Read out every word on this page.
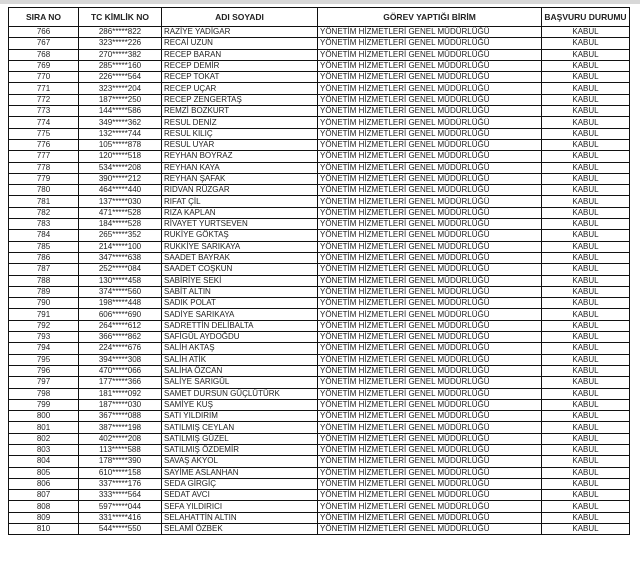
SIRA NO	TC KİMLİK NO	ADI SOYADI	GÖREV YAPTIĞI BİRİM	BAŞVURU DURUMU
766	286*****822	RAZİYE YADİGAR	YÖNETİM HİZMETLERİ GENEL MÜDÜRLÜĞÜ	KABUL
767	323*****226	RECAİ UZUN	YÖNETİM HİZMETLERİ GENEL MÜDÜRLÜĞÜ	KABUL
768	270*****382	RECEP BARAN	YÖNETİM HİZMETLERİ GENEL MÜDÜRLÜĞÜ	KABUL
769	285*****160	RECEP DEMİR	YÖNETİM HİZMETLERİ GENEL MÜDÜRLÜĞÜ	KABUL
770	226*****564	RECEP TOKAT	YÖNETİM HİZMETLERİ GENEL MÜDÜRLÜĞÜ	KABUL
771	323*****204	RECEP UÇAR	YÖNETİM HİZMETLERİ GENEL MÜDÜRLÜĞÜ	KABUL
772	187*****250	RECEP ZENGERTAŞ	YÖNETİM HİZMETLERİ GENEL MÜDÜRLÜĞÜ	KABUL
773	144*****586	REMZİ BOZKURT	YÖNETİM HİZMETLERİ GENEL MÜDÜRLÜĞÜ	KABUL
774	349*****362	RESUL DENİZ	YÖNETİM HİZMETLERİ GENEL MÜDÜRLÜĞÜ	KABUL
775	132*****744	RESUL KILIÇ	YÖNETİM HİZMETLERİ GENEL MÜDÜRLÜĞÜ	KABUL
776	105*****878	RESUL UYAR	YÖNETİM HİZMETLERİ GENEL MÜDÜRLÜĞÜ	KABUL
777	120*****518	REYHAN BOYRAZ	YÖNETİM HİZMETLERİ GENEL MÜDÜRLÜĞÜ	KABUL
778	534*****208	REYHAN KAYA	YÖNETİM HİZMETLERİ GENEL MÜDÜRLÜĞÜ	KABUL
779	390*****212	REYHAN ŞAFAK	YÖNETİM HİZMETLERİ GENEL MÜDÜRLÜĞÜ	KABUL
780	464*****440	RIDVAN RÜZGAR	YÖNETİM HİZMETLERİ GENEL MÜDÜRLÜĞÜ	KABUL
781	137*****030	RIFAT ÇİL	YÖNETİM HİZMETLERİ GENEL MÜDÜRLÜĞÜ	KABUL
782	471*****528	RIZA KAPLAN	YÖNETİM HİZMETLERİ GENEL MÜDÜRLÜĞÜ	KABUL
783	184*****528	RİVAYET YURTSEVEN	YÖNETİM HİZMETLERİ GENEL MÜDÜRLÜĞÜ	KABUL
784	265*****352	RUKİYE GÖKTAŞ	YÖNETİM HİZMETLERİ GENEL MÜDÜRLÜĞÜ	KABUL
785	214*****100	RUKKİYE SARIKAYA	YÖNETİM HİZMETLERİ GENEL MÜDÜRLÜĞÜ	KABUL
786	347*****638	SAADET BAYRAK	YÖNETİM HİZMETLERİ GENEL MÜDÜRLÜĞÜ	KABUL
787	252*****084	SAADET COŞKUN	YÖNETİM HİZMETLERİ GENEL MÜDÜRLÜĞÜ	KABUL
788	130*****458	SABİRİYE SEKİ	YÖNETİM HİZMETLERİ GENEL MÜDÜRLÜĞÜ	KABUL
789	374*****560	SABİT ALTIN	YÖNETİM HİZMETLERİ GENEL MÜDÜRLÜĞÜ	KABUL
790	198*****448	SADIK POLAT	YÖNETİM HİZMETLERİ GENEL MÜDÜRLÜĞÜ	KABUL
791	606*****690	SADİYE SARIKAYA	YÖNETİM HİZMETLERİ GENEL MÜDÜRLÜĞÜ	KABUL
792	264*****612	SADRETTİN DELİBALTA	YÖNETİM HİZMETLERİ GENEL MÜDÜRLÜĞÜ	KABUL
793	366*****862	SAFİGÜL AYDOĞDU	YÖNETİM HİZMETLERİ GENEL MÜDÜRLÜĞÜ	KABUL
794	224*****676	SALİH AKTAŞ	YÖNETİM HİZMETLERİ GENEL MÜDÜRLÜĞÜ	KABUL
795	394*****308	SALİH ATİK	YÖNETİM HİZMETLERİ GENEL MÜDÜRLÜĞÜ	KABUL
796	470*****066	SALİHA ÖZCAN	YÖNETİM HİZMETLERİ GENEL MÜDÜRLÜĞÜ	KABUL
797	177*****366	SALİYE SARIGÜL	YÖNETİM HİZMETLERİ GENEL MÜDÜRLÜĞÜ	KABUL
798	181*****092	SAMET DURSUN GÜÇLÜTÜRK	YÖNETİM HİZMETLERİ GENEL MÜDÜRLÜĞÜ	KABUL
799	187*****030	SAMİYE KUŞ	YÖNETİM HİZMETLERİ GENEL MÜDÜRLÜĞÜ	KABUL
800	367*****088	SATI YILDIRIM	YÖNETİM HİZMETLERİ GENEL MÜDÜRLÜĞÜ	KABUL
801	387*****198	SATILMIŞ CEYLAN	YÖNETİM HİZMETLERİ GENEL MÜDÜRLÜĞÜ	KABUL
802	402*****208	SATILMIŞ GÜZEL	YÖNETİM HİZMETLERİ GENEL MÜDÜRLÜĞÜ	KABUL
803	113*****588	SATILMIŞ ÖZDEMİR	YÖNETİM HİZMETLERİ GENEL MÜDÜRLÜĞÜ	KABUL
804	178*****390	SAVAŞ AKYOL	YÖNETİM HİZMETLERİ GENEL MÜDÜRLÜĞÜ	KABUL
805	610*****158	SAYİME ASLANHAN	YÖNETİM HİZMETLERİ GENEL MÜDÜRLÜĞÜ	KABUL
806	337*****176	SEDA GİRGİÇ	YÖNETİM HİZMETLERİ GENEL MÜDÜRLÜĞÜ	KABUL
807	333*****564	SEDAT AVCI	YÖNETİM HİZMETLERİ GENEL MÜDÜRLÜĞÜ	KABUL
808	597*****044	SEFA YILDIRICI	YÖNETİM HİZMETLERİ GENEL MÜDÜRLÜĞÜ	KABUL
809	331*****416	SELAHATTİN ALTIN	YÖNETİM HİZMETLERİ GENEL MÜDÜRLÜĞÜ	KABUL
810	544*****550	SELAMİ ÖZBEK	YÖNETİM HİZMETLERİ GENEL MÜDÜRLÜĞÜ	KABUL
